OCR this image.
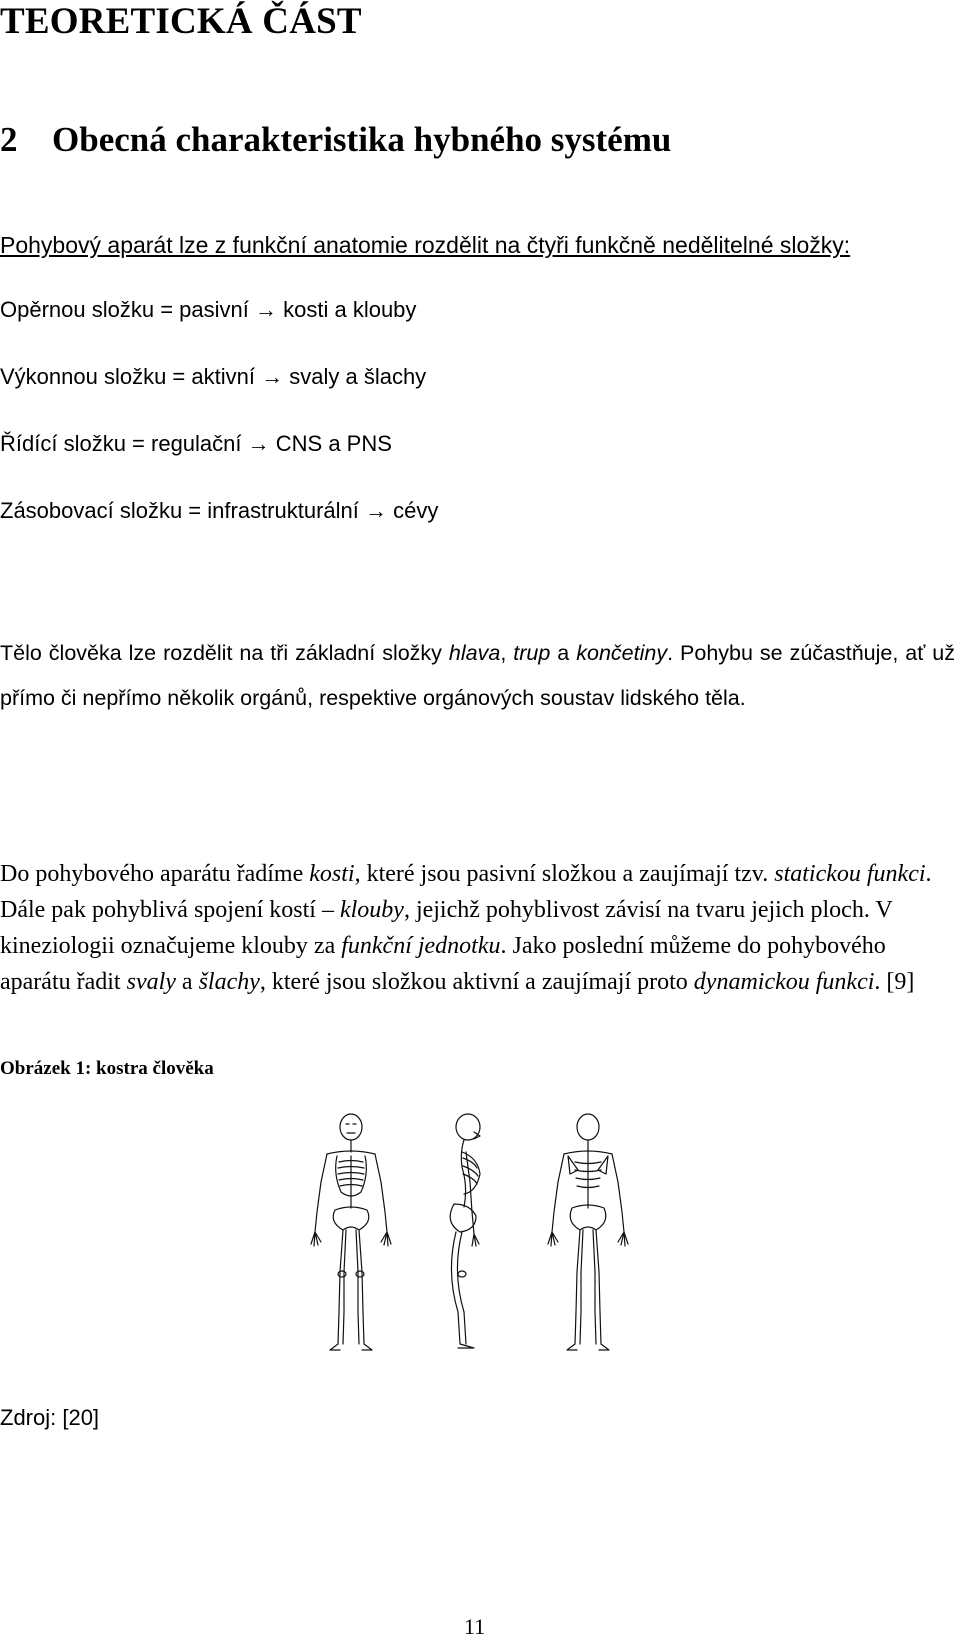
TEORETICKÁ ČÁST
2 Obecná charakteristika hybného systému
Pohybový aparát lze z funkční anatomie rozdělit na čtyři funkčně nedělitelné složky:
Opěrnou složku = pasivní → kosti a klouby
Výkonnou složku = aktivní → svaly a šlachy
Řídící složku = regulační → CNS a PNS
Zásobovací složku = infrastrukturální → cévy
Tělo člověka lze rozdělit na tři základní složky hlava, trup a končetiny. Pohybu se zúčastňuje, ať už přímo či nepřímo několik orgánů, respektive orgánových soustav lidského těla.
Do pohybového aparátu řadíme kosti, které jsou pasivní složkou a zaujímají tzv. statickou funkci. Dále pak pohyblivá spojení kostí – klouby, jejichž pohyblivost závisí na tvaru jejich ploch. V kineziologii označujeme klouby za funkční jednotku. Jako poslední můžeme do pohybového aparátu řadit svaly a šlachy, které jsou složkou aktivní a zaujímají proto dynamickou funkci. [9]
Obrázek 1: kostra člověka
Zdroj: [20]
11
